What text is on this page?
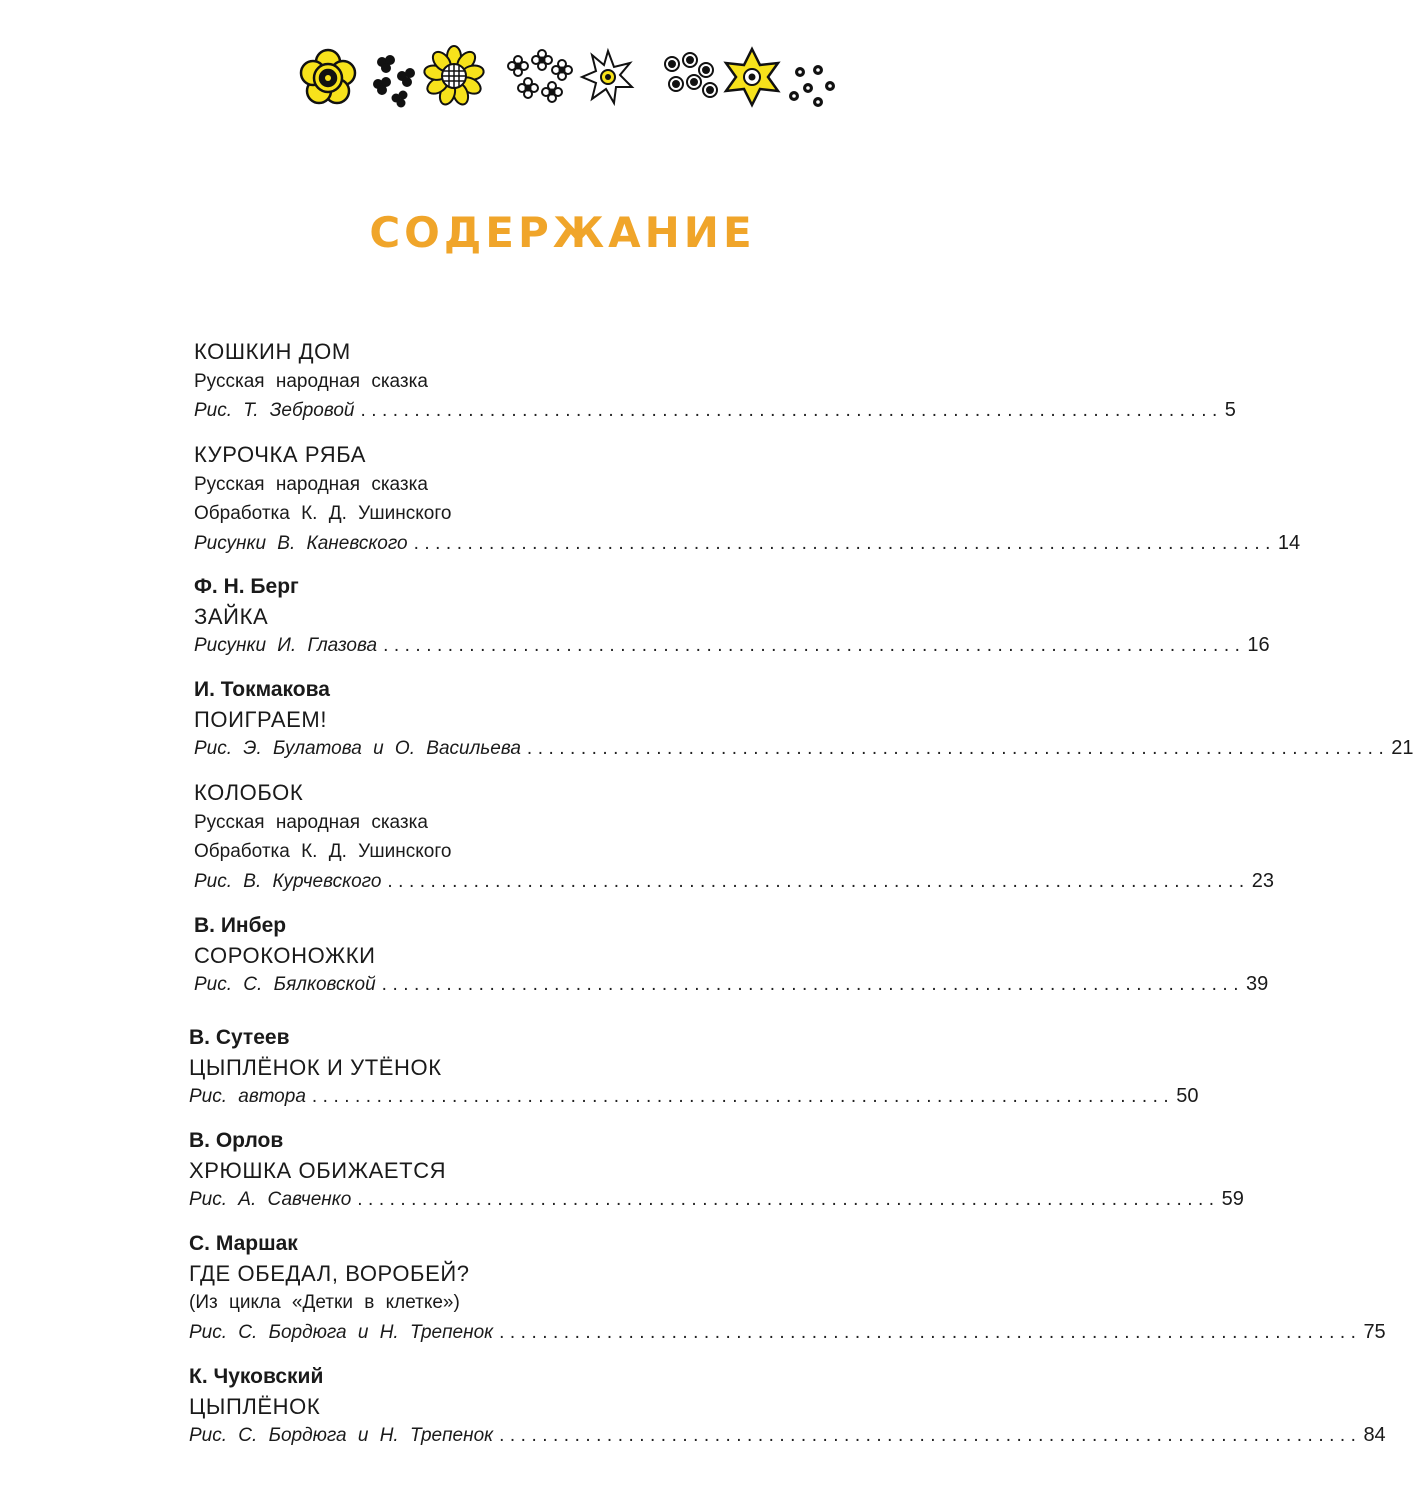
СОДЕРЖАНИЕ
КОШКИН ДОМ
Русская народная сказка
Рис. Т. Зебровой ................................................................................ 5
КУРОЧКА РЯБА
Русская народная сказка
Обработка К. Д. Ушинского
Рисунки В. Каневского ................................................................................ 14
Ф. Н. Берг
ЗАЙКА
Рисунки И. Глазова ................................................................................ 16
И. Токмакова
ПОИГРАЕМ!
Рис. Э. Булатова и О. Васильева ................................................................................ 21
КОЛОБОК
Русская народная сказка
Обработка К. Д. Ушинского
Рис. В. Курчевского ................................................................................ 23
В. Инбер
СОРОКОНОЖКИ
Рис. С. Бялковской ................................................................................ 39
В. Сутеев
ЦЫПЛЁНОК И УТЁНОК
Рис. автора ................................................................................ 50
В. Орлов
ХРЮШКА ОБИЖАЕТСЯ
Рис. А. Савченко ................................................................................ 59
С. Маршак
ГДЕ ОБЕДАЛ, ВОРОБЕЙ?
(Из цикла «Детки в клетке»)
Рис. С. Бордюга и Н. Трепенок ................................................................................ 75
К. Чуковский
ЦЫПЛЁНОК
Рис. С. Бордюга и Н. Трепенок ................................................................................ 84
